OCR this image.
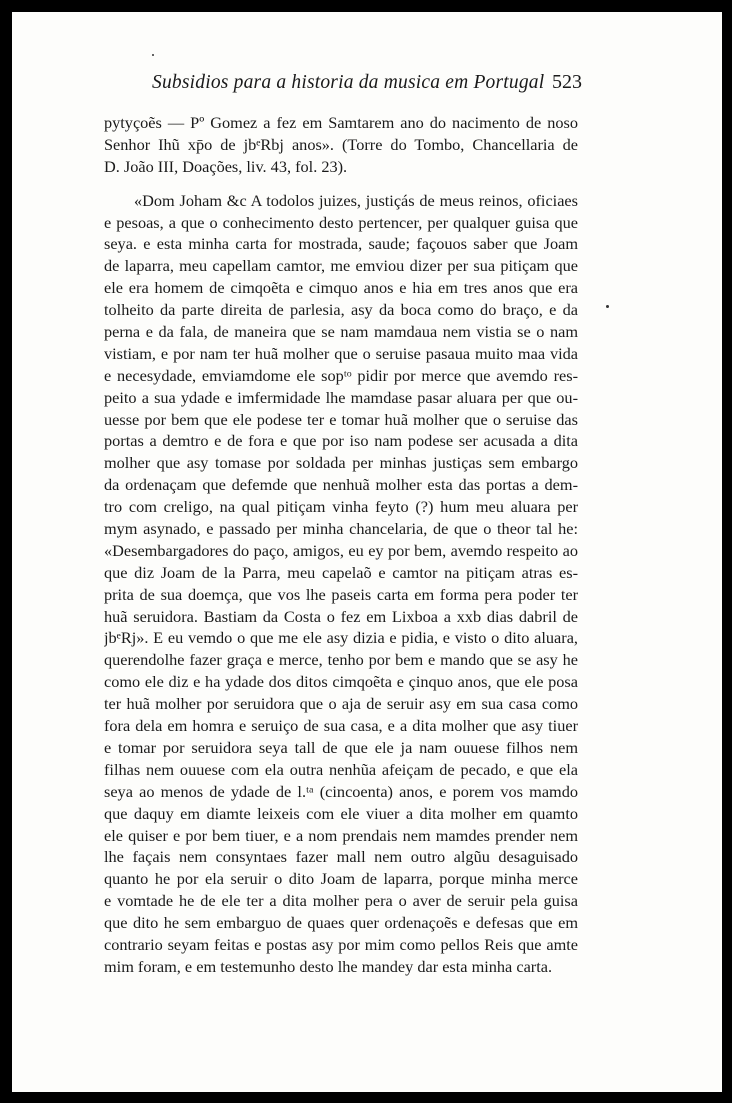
Subsidios para a historia da musica em Portugal 523
pytyçoẽs — Pº Gomez a fez em Samtarem ano do nacimento de noso
Senhor Ihũ xp̄o de jbᵉRbj anos». (Torre do Tombo, Chancellaria de
D. João III, Doações, liv. 43, fol. 23).
«Dom Joham &c A todolos juizes, justiçás de meus reinos, oficiaes
e pesoas, a que o conhecimento desto pertencer, per qualquer guisa que
seya. e esta minha carta for mostrada, saude; façouos saber que Joam
de laparra, meu capellam camtor, me emviou dizer per sua pitiçam que
ele era homem de cimqoẽta e cimquo anos e hia em tres anos que era
tolheito da parte direita de parlesia, asy da boca como do braço, e da
perna e da fala, de maneira que se nam mamdaua nem vistia se o nam
vistiam, e por nam ter huã molher que o seruise pasaua muito maa vida
e necesydade, emviamdome ele sopᵗᵒ pidir por merce que avemdo res-
peito a sua ydade e imfermidade lhe mamdase pasar aluara per que ou-
uesse por bem que ele podese ter e tomar huã molher que o seruise das
portas a demtro e de fora e que por iso nam podese ser acusada a dita
molher que asy tomase por soldada per minhas justiças sem embargo
da ordenaçam que defemde que nenhuã molher esta das portas a dem-
tro com creligo, na qual pitiçam vinha feyto (?) hum meu aluara per
mym asynado, e passado per minha chancelaria, de que o theor tal he:
«Desembargadores do paço, amigos, eu ey por bem, avemdo respeito ao
que diz Joam de la Parra, meu capelaõ e camtor na pitiçam atras es-
prita de sua doemça, que vos lhe paseis carta em forma pera poder ter
huã seruidora. Bastiam da Costa o fez em Lixboa a xxb dias dabril de
jbᵉRj». E eu vemdo o que me ele asy dizia e pidia, e visto o dito aluara,
querendolhe fazer graça e merce, tenho por bem e mando que se asy he
como ele diz e ha ydade dos ditos cimqoẽta e çinquo anos, que ele posa
ter huã molher por seruidora que o aja de seruir asy em sua casa como
fora dela em homra e seruiço de sua casa, e a dita molher que asy tiuer
e tomar por seruidora seya tall de que ele ja nam ouuese filhos nem
filhas nem ouuese com ela outra nenhũa afeiçam de pecado, e que ela
seya ao menos de ydade de l.ᵗᵃ (cincoenta) anos, e porem vos mamdo
que daquy em diamte leixeis com ele viuer a dita molher em quamto
ele quiser e por bem tiuer, e a nom prendais nem mamdes prender nem
lhe façais nem consyntaes fazer mall nem outro algũu desaguisado
quanto he por ela seruir o dito Joam de laparra, porque minha merce
e vomtade he de ele ter a dita molher pera o aver de seruir pela guisa
que dito he sem embarguo de quaes quer ordenaçoẽs e defesas que em
contrario seyam feitas e postas asy por mim como pellos Reis que amte
mim foram, e em testemunho desto lhe mandey dar esta minha carta.
